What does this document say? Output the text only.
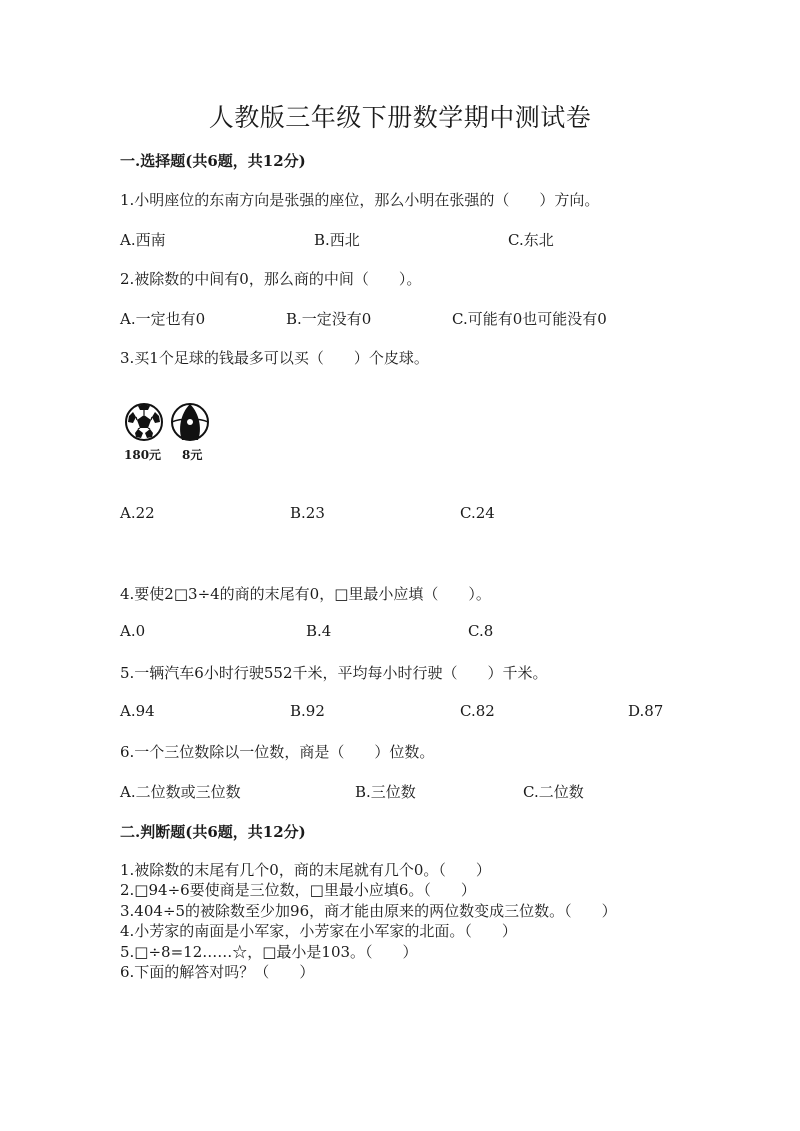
人教版三年级下册数学期中测试卷
一.选择题(共6题，共12分)
1.小明座位的东南方向是张强的座位，那么小明在张强的（　　）方向。
A.西南	B.西北	C.东北
2.被除数的中间有0，那么商的中间（　　）。
A.一定也有0	B.一定没有0	C.可能有0也可能没有0
3.买1个足球的钱最多可以买（　　）个皮球。
180元 8元
A.22	B.23	C.24
4.要使2□3÷4的商的末尾有0，□里最小应填（　　）。
A.0	B.4	C.8
5.一辆汽车6小时行驶552千米，平均每小时行驶（　　）千米。
A.94	B.92	C.82	D.87
6.一个三位数除以一位数，商是（　　）位数。
A.二位数或三位数	B.三位数	C.二位数
二.判断题(共6题，共12分)
1.被除数的末尾有几个0，商的末尾就有几个0。（　　）
2.□94÷6要使商是三位数，□里最小应填6。（　　）
3.404÷5的被除数至少加96，商才能由原来的两位数变成三位数。（　　）
4.小芳家的南面是小军家，小芳家在小军家的北面。（　　）
5.□÷8=12……☆，□最小是103。（　　）
6.下面的解答对吗？（　　）
